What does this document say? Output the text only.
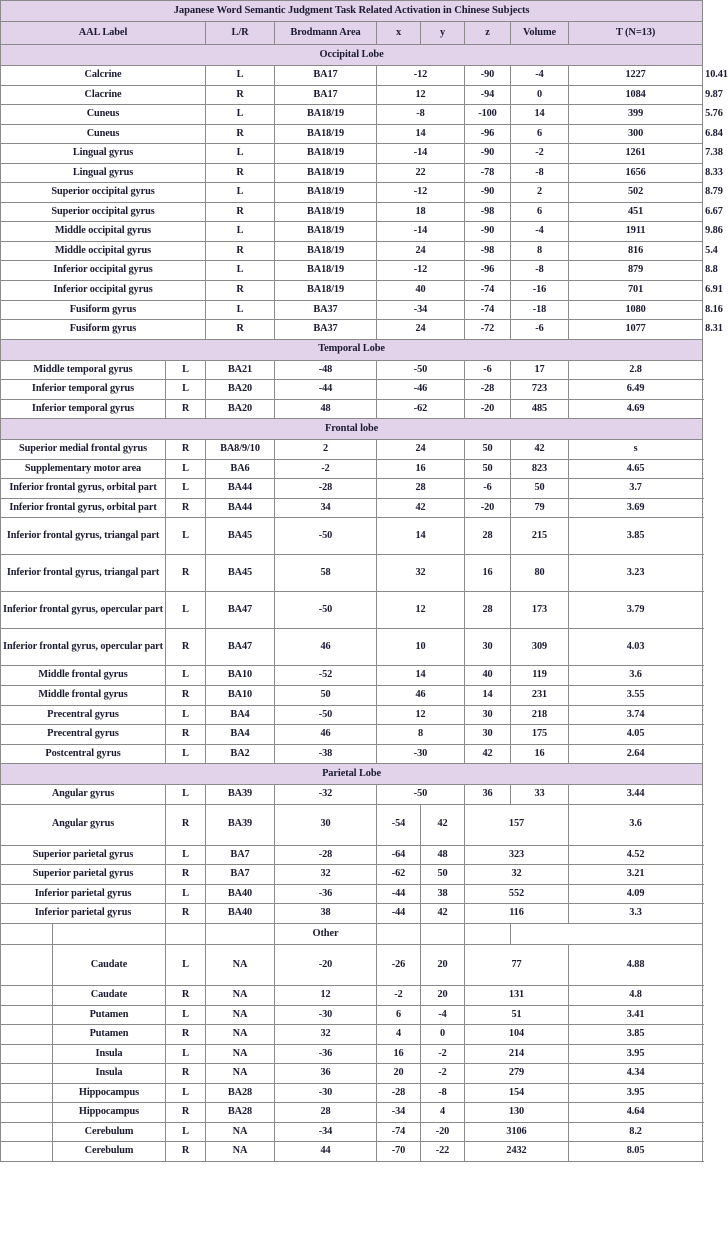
Japanese Word Semantic Judgment Task Related Activation in Chinese Subjects										
AAL Label			L/R	Brodmann Area	x	y	z	Volume	T (N=13)	
Occipital Lobe										
Calcrine			L	BA17	-12		-90	-4	1227	10.41
Clacrine			R	BA17	12		-94	0	1084	9.87
Cuneus			L	BA18/19	-8		-100	14	399	5.76
Cuneus			R	BA18/19	14		-96	6	300	6.84
Lingual gyrus			L	BA18/19	-14		-90	-2	1261	7.38
Lingual gyrus			R	BA18/19	22		-78	-8	1656	8.33
Superior occipital gyrus			L	BA18/19	-12		-90	2	502	8.79
Superior occipital gyrus			R	BA18/19	18		-98	6	451	6.67
Middle occipital gyrus			L	BA18/19	-14		-90	-4	1911	9.86
Middle occipital gyrus			R	BA18/19	24		-98	8	816	5.4
Inferior occipital gyrus			L	BA18/19	-12		-96	-8	879	8.8
Inferior occipital gyrus			R	BA18/19	40		-74	-16	701	6.91
Fusiform gyrus			L	BA37	-34		-74	-18	1080	8.16
Fusiform gyrus			R	BA37	24		-72	-6	1077	8.31
Temporal Lobe										
Middle temporal gyrus		L	BA21	-48	-50		-6	17	2.8	
Inferior temporal gyrus		L	BA20	-44	-46		-28	723	6.49	
Inferior temporal gyrus		R	BA20	48	-62		-20	485	4.69	
Frontal lobe										
Superior medial frontal gyrus		R	BA8/9/10	2	24		50	42	s	
Supplementary motor area		L	BA6	-2	16		50	823	4.65	
Inferior frontal gyrus, orbital part		L	BA44	-28	28		-6	50	3.7	
Inferior frontal gyrus, orbital part		R	BA44	34	42		-20	79	3.69	
Inferior frontal gyrus, triangal part		L	BA45	-50	14		28	215	3.85	
Inferior frontal gyrus, triangal part		R	BA45	58	32		16	80	3.23	
Inferior frontal gyrus, opercular part		L	BA47	-50	12		28	173	3.79	
Inferior frontal gyrus, opercular part		R	BA47	46	10		30	309	4.03	
Middle frontal gyrus		L	BA10	-52	14		40	119	3.6	
Middle frontal gyrus		R	BA10	50	46		14	231	3.55	
Precentral gyrus		L	BA4	-50	12		30	218	3.74	
Precentral gyrus		R	BA4	46	8		30	175	4.05	
Postcentral gyrus		L	BA2	-38	-30		42	16	2.64	
Parietal Lobe										
Angular gyrus		L	BA39	-32	-50		36	33	3.44	
Angular gyrus		R	BA39	30	-54	42	157		3.6	
Superior parietal gyrus		L	BA7	-28	-64	48	323		4.52	
Superior parietal gyrus		R	BA7	32	-62	50	32		3.21	
Inferior parietal gyrus		L	BA40	-36	-44	38	552		4.09	
Inferior parietal gyrus		R	BA40	38	-44	42	116		3.3	
				Other						
	Caudate	L	NA	-20	-26	20	77		4.88	
	Caudate	R	NA	12	-2	20	131		4.8	
	Putamen	L	NA	-30	6	-4	51		3.41	
	Putamen	R	NA	32	4	0	104		3.85	
	Insula	L	NA	-36	16	-2	214		3.95	
	Insula	R	NA	36	20	-2	279		4.34	
	Hippocampus	L	BA28	-30	-28	-8	154		3.95	
	Hippocampus	R	BA28	28	-34	4	130		4.64	
	Cerebulum	L	NA	-34	-74	-20	3106		8.2	
	Cerebulum	R	NA	44	-70	-22	2432		8.05	
